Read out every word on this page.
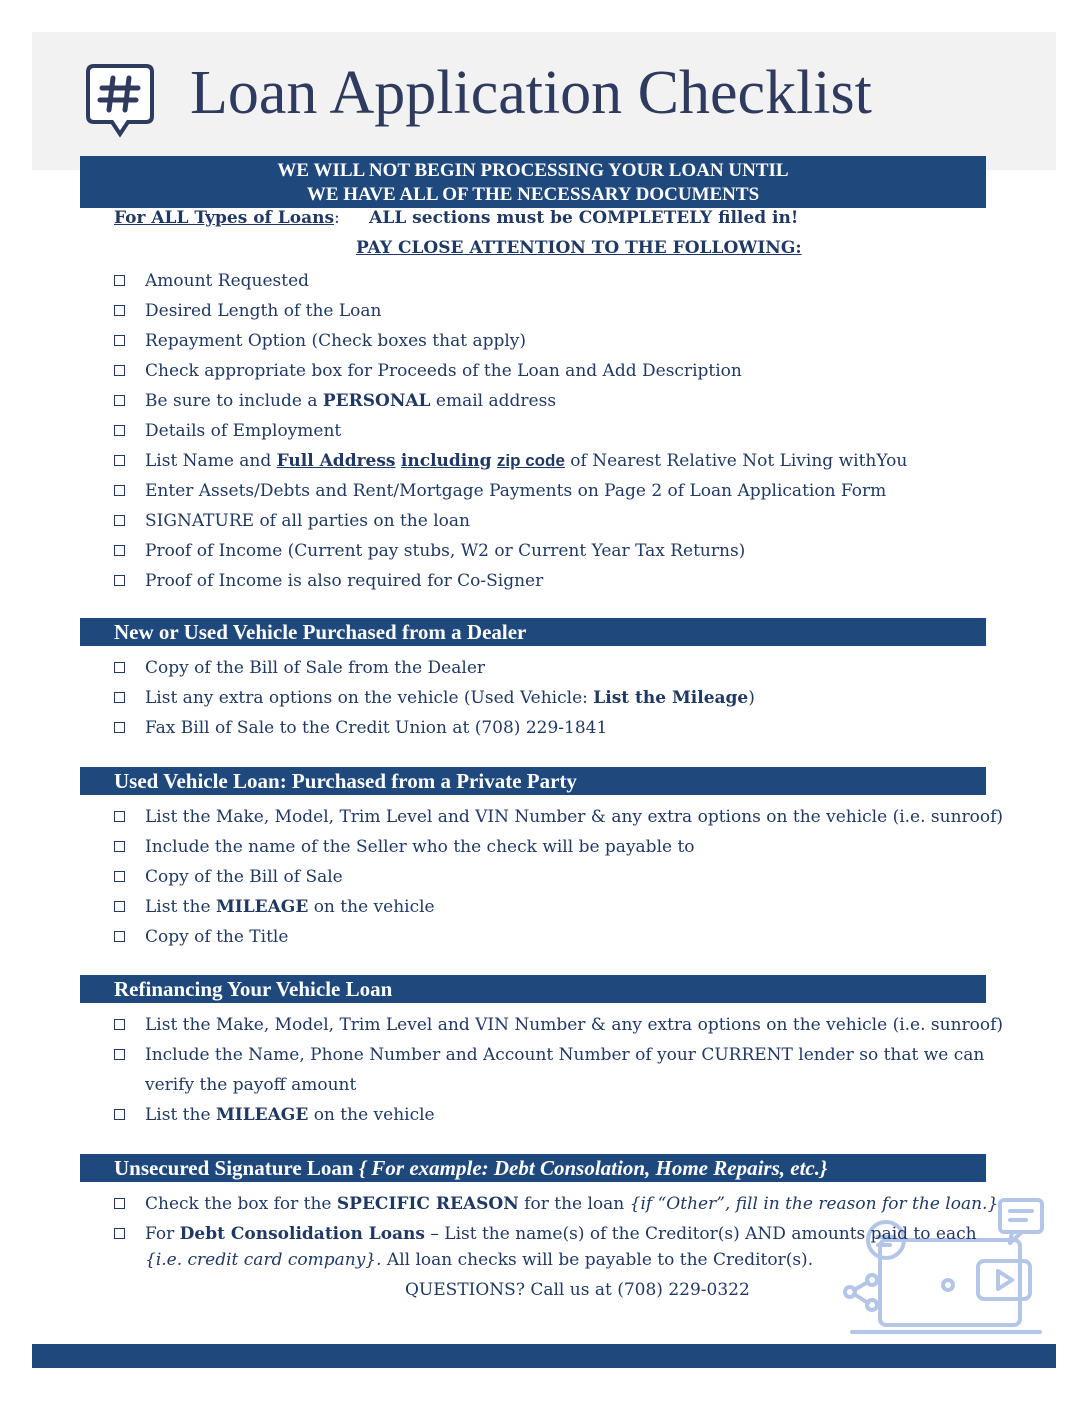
Loan Application Checklist
WE WILL NOT BEGIN PROCESSING YOUR LOAN UNTIL
WE HAVE ALL OF THE NECESSARY DOCUMENTS
For ALL Types of Loans: ALL sections must be COMPLETELY filled in!
PAY CLOSE ATTENTION TO THE FOLLOWING:
Amount Requested
Desired Length of the Loan
Repayment Option (Check boxes that apply)
Check appropriate box for Proceeds of the Loan and Add Description
Be sure to include a PERSONAL email address
Details of Employment
List Name and Full Address including zip code of Nearest Relative Not Living withYou
Enter Assets/Debts and Rent/Mortgage Payments on Page 2 of Loan Application Form
SIGNATURE of all parties on the loan
Proof of Income (Current pay stubs, W2 or Current Year Tax Returns)
Proof of Income is also required for Co-Signer
New or Used Vehicle Purchased from a Dealer
Copy of the Bill of Sale from the Dealer
List any extra options on the vehicle (Used Vehicle: List the Mileage)
Fax Bill of Sale to the Credit Union at (708) 229-1841
Used Vehicle Loan: Purchased from a Private Party
List the Make, Model, Trim Level and VIN Number & any extra options on the vehicle (i.e. sunroof)
Include the name of the Seller who the check will be payable to
Copy of the Bill of Sale
List the MILEAGE on the vehicle
Copy of the Title
Refinancing Your Vehicle Loan
List the Make, Model, Trim Level and VIN Number & any extra options on the vehicle (i.e. sunroof)
Include the Name, Phone Number and Account Number of your CURRENT lender so that we can verify the payoff amount
List the MILEAGE on the vehicle
Unsecured Signature Loan { For example: Debt Consolation, Home Repairs, etc.}
Check the box for the SPECIFIC REASON for the loan {if “Other”, fill in the reason for the loan.}
For Debt Consolidation Loans – List the name(s) of the Creditor(s) AND amounts paid to each
{i.e. credit card company}. All loan checks will be payable to the Creditor(s).
QUESTIONS? Call us at (708) 229-0322
